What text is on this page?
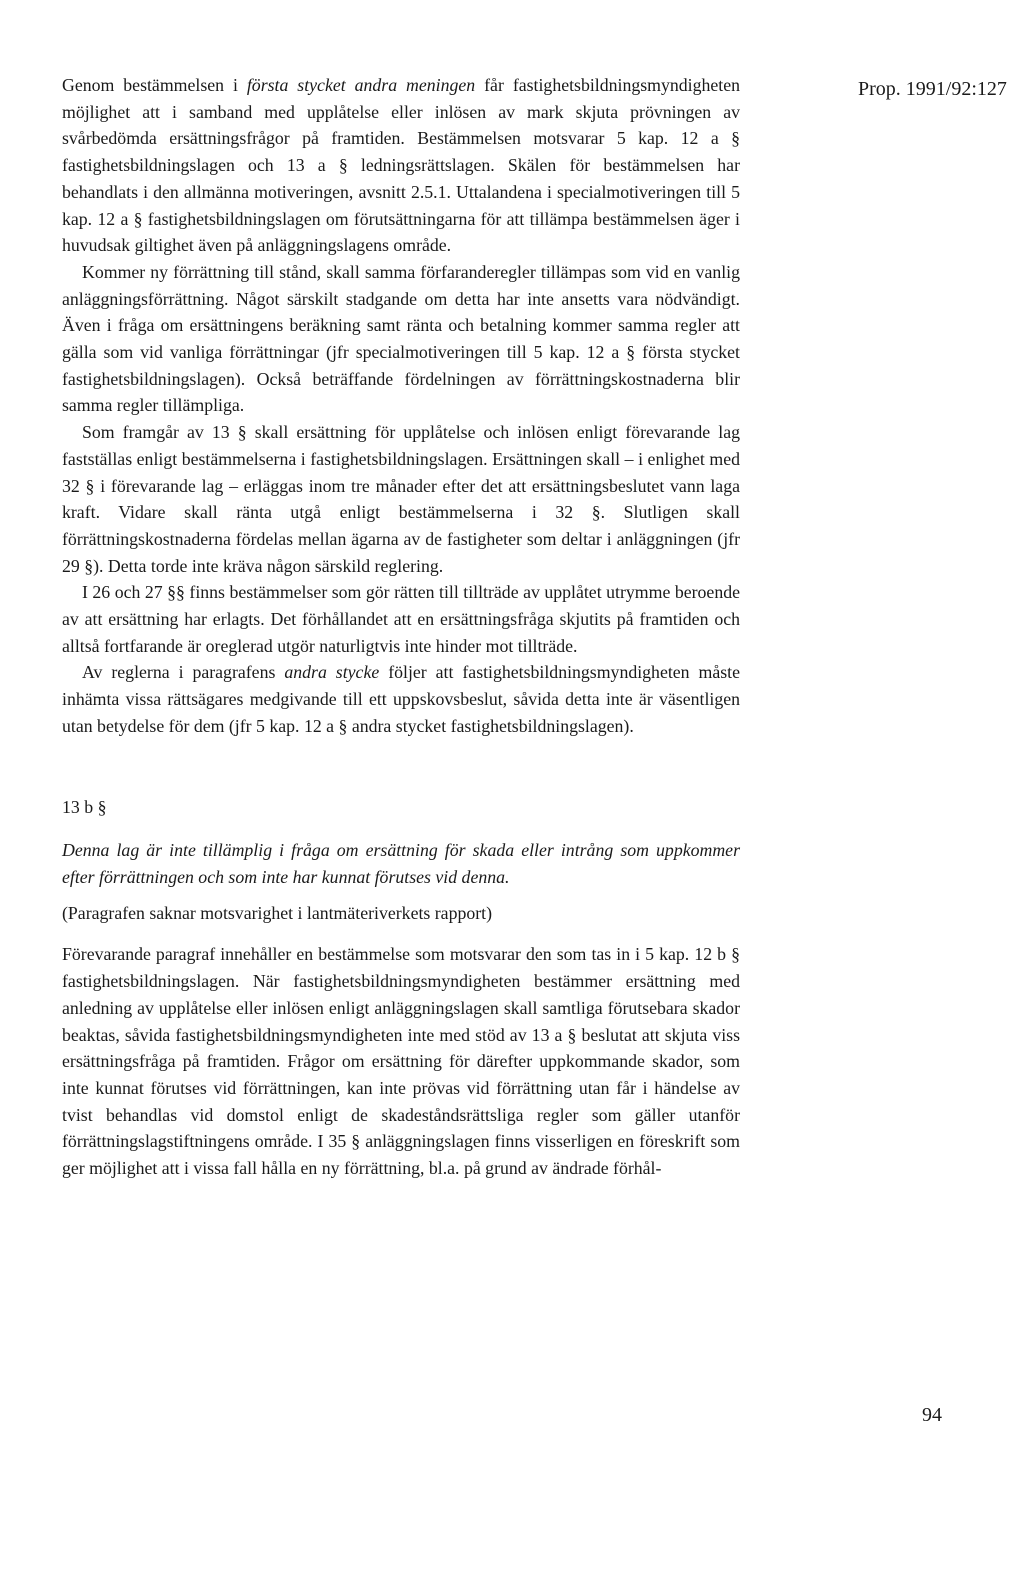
Prop. 1991/92:127

Genom bestämmelsen i första stycket andra meningen får fastighetsbildningsmyndigheten möjlighet att i samband med upplåtelse eller inlösen av mark skjuta prövningen av svårbedömda ersättningsfrågor på framtiden. Bestämmelsen motsvarar 5 kap. 12 a § fastighetsbildningslagen och 13 a § ledningsrättslagen. Skälen för bestämmelsen har behandlats i den allmänna motiveringen, avsnitt 2.5.1. Uttalandena i specialmotiveringen till 5 kap. 12 a § fastighetsbildningslagen om förutsättningarna för att tillämpa bestämmelsen äger i huvudsak giltighet även på anläggningslagens område.

Kommer ny förrättning till stånd, skall samma förfaranderegler tillämpas som vid en vanlig anläggningsförrättning. Något särskilt stadgande om detta har inte ansetts vara nödvändigt. Även i fråga om ersättningens beräkning samt ränta och betalning kommer samma regler att gälla som vid vanliga förrättningar (jfr specialmotiveringen till 5 kap. 12 a § första stycket fastighetsbildningslagen). Också beträffande fördelningen av förrättningskostnaderna blir samma regler tillämpliga.

Som framgår av 13 § skall ersättning för upplåtelse och inlösen enligt förevarande lag fastställas enligt bestämmelserna i fastighetsbildningslagen. Ersättningen skall – i enlighet med 32 § i förevarande lag – erläggas inom tre månader efter det att ersättningsbeslutet vann laga kraft. Vidare skall ränta utgå enligt bestämmelserna i 32 §. Slutligen skall förrättningskostnaderna fördelas mellan ägarna av de fastigheter som deltar i anläggningen (jfr 29 §). Detta torde inte kräva någon särskild reglering.

I 26 och 27 §§ finns bestämmelser som gör rätten till tillträde av upplåtet utrymme beroende av att ersättning har erlagts. Det förhållandet att en ersättningsfråga skjutits på framtiden och alltså fortfarande är oreglerad utgör naturligtvis inte hinder mot tillträde.

Av reglerna i paragrafens andra stycke följer att fastighetsbildningsmyndigheten måste inhämta vissa rättsägares medgivande till ett uppskovsbeslut, såvida detta inte är väsentligen utan betydelse för dem (jfr 5 kap. 12 a § andra stycket fastighetsbildningslagen).

13 b §

Denna lag är inte tillämplig i fråga om ersättning för skada eller intrång som uppkommer efter förrättningen och som inte har kunnat förutses vid denna.

(Paragrafen saknar motsvarighet i lantmäteriverkets rapport)

Förevarande paragraf innehåller en bestämmelse som motsvarar den som tas in i 5 kap. 12 b § fastighetsbildningslagen. När fastighetsbildningsmyndigheten bestämmer ersättning med anledning av upplåtelse eller inlösen enligt anläggningslagen skall samtliga förutsebara skador beaktas, såvida fastighetsbildningsmyndigheten inte med stöd av 13 a § beslutat att skjuta viss ersättningsfråga på framtiden. Frågor om ersättning för därefter uppkommande skador, som inte kunnat förutses vid förrättningen, kan inte prövas vid förrättning utan får i händelse av tvist behandlas vid domstol enligt de skadeståndsrättsliga regler som gäller utanför förrättningslagstiftningens område. I 35 § anläggningslagen finns visserligen en föreskrift som ger möjlighet att i vissa fall hålla en ny förrättning, bl.a. på grund av ändrade förhål-

94
